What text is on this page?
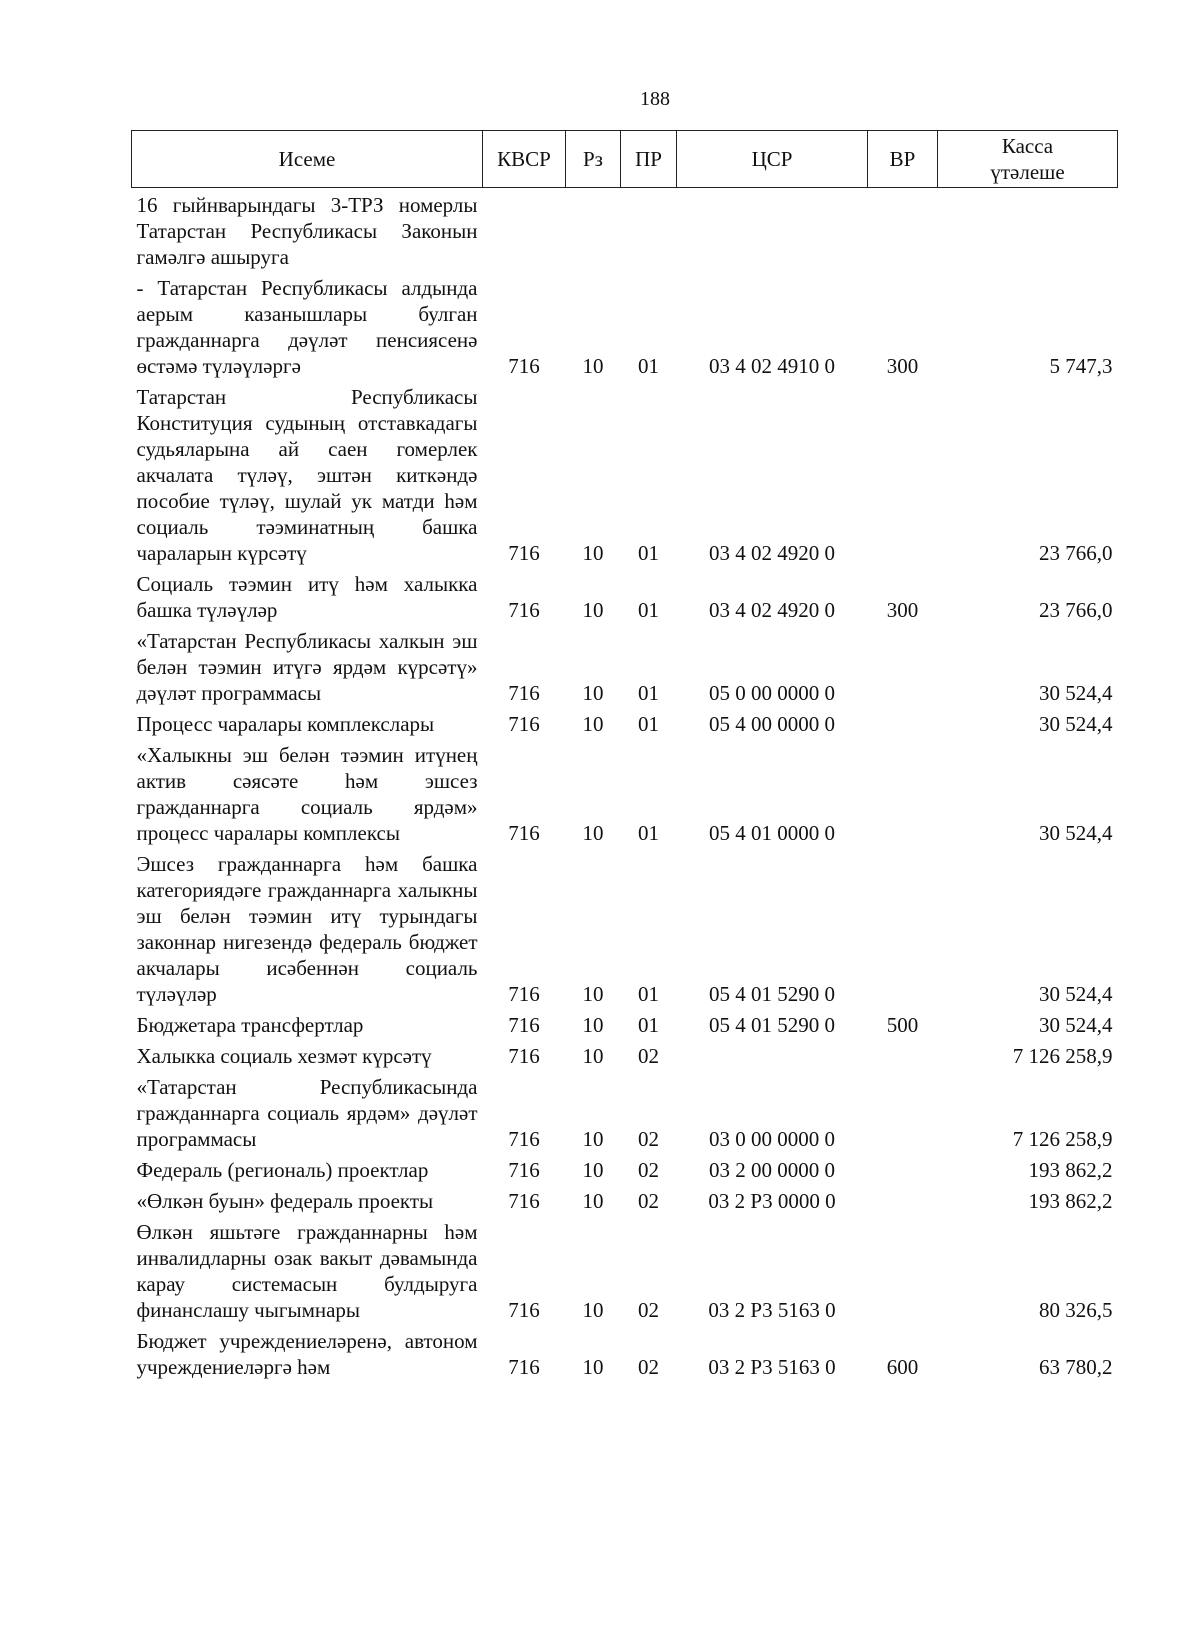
188
Исеме	КВСР	Рз	ПР	ЦСР	ВР	Касса
үтәлеше
16 гыйнварындагы 3-ТРЗ номерлы Татарстан Республикасы Законын гамәлгә ашыруга						
- Татарстан Республикасы алдында аерым казанышлары булган гражданнарга дәүләт пенсиясенә өстәмә түләүләргә	716	10	01	03 4 02 4910 0	300	5 747,3
Татарстан Республикасы Конституция судының отставкадагы судьяларына ай саен гомерлек акчалата түләү, эштән киткәндә пособие түләү, шулай ук матди һәм социаль тәэминатның башка чараларын күрсәтү	716	10	01	03 4 02 4920 0		23 766,0
Социаль тәэмин итү һәм халыкка башка түләүләр	716	10	01	03 4 02 4920 0	300	23 766,0
«Татарстан Республикасы халкын эш белән тәэмин итүгә ярдәм күрсәтү» дәүләт программасы	716	10	01	05 0 00 0000 0		30 524,4
Процесс чаралары комплекслары	716	10	01	05 4 00 0000 0		30 524,4
«Халыкны эш белән тәэмин итүнең актив сәясәте һәм эшсез гражданнарга социаль ярдәм» процесс чаралары комплексы	716	10	01	05 4 01 0000 0		30 524,4
Эшсез гражданнарга һәм башка категориядәге гражданнарга халыкны эш белән тәэмин итү турындагы законнар нигезендә федераль бюджет акчалары исәбеннән социаль түләүләр	716	10	01	05 4 01 5290 0		30 524,4
Бюджетара трансфертлар	716	10	01	05 4 01 5290 0	500	30 524,4
Халыкка социаль хезмәт күрсәтү	716	10	02			7 126 258,9
«Татарстан Республикасында гражданнарга социаль ярдәм» дәүләт программасы	716	10	02	03 0 00 0000 0		7 126 258,9
Федераль (региональ) проектлар	716	10	02	03 2 00 0000 0		193 862,2
«Өлкән буын» федераль проекты	716	10	02	03 2 Р3 0000 0		193 862,2
Өлкән яшьтәге гражданнарны һәм инвалидларны озак вакыт дәвамында карау системасын булдыруга финанслашу чыгымнары	716	10	02	03 2 Р3 5163 0		80 326,5
Бюджет учреждениеләренә, автоном учреждениеләргә һәм	716	10	02	03 2 Р3 5163 0	600	63 780,2
